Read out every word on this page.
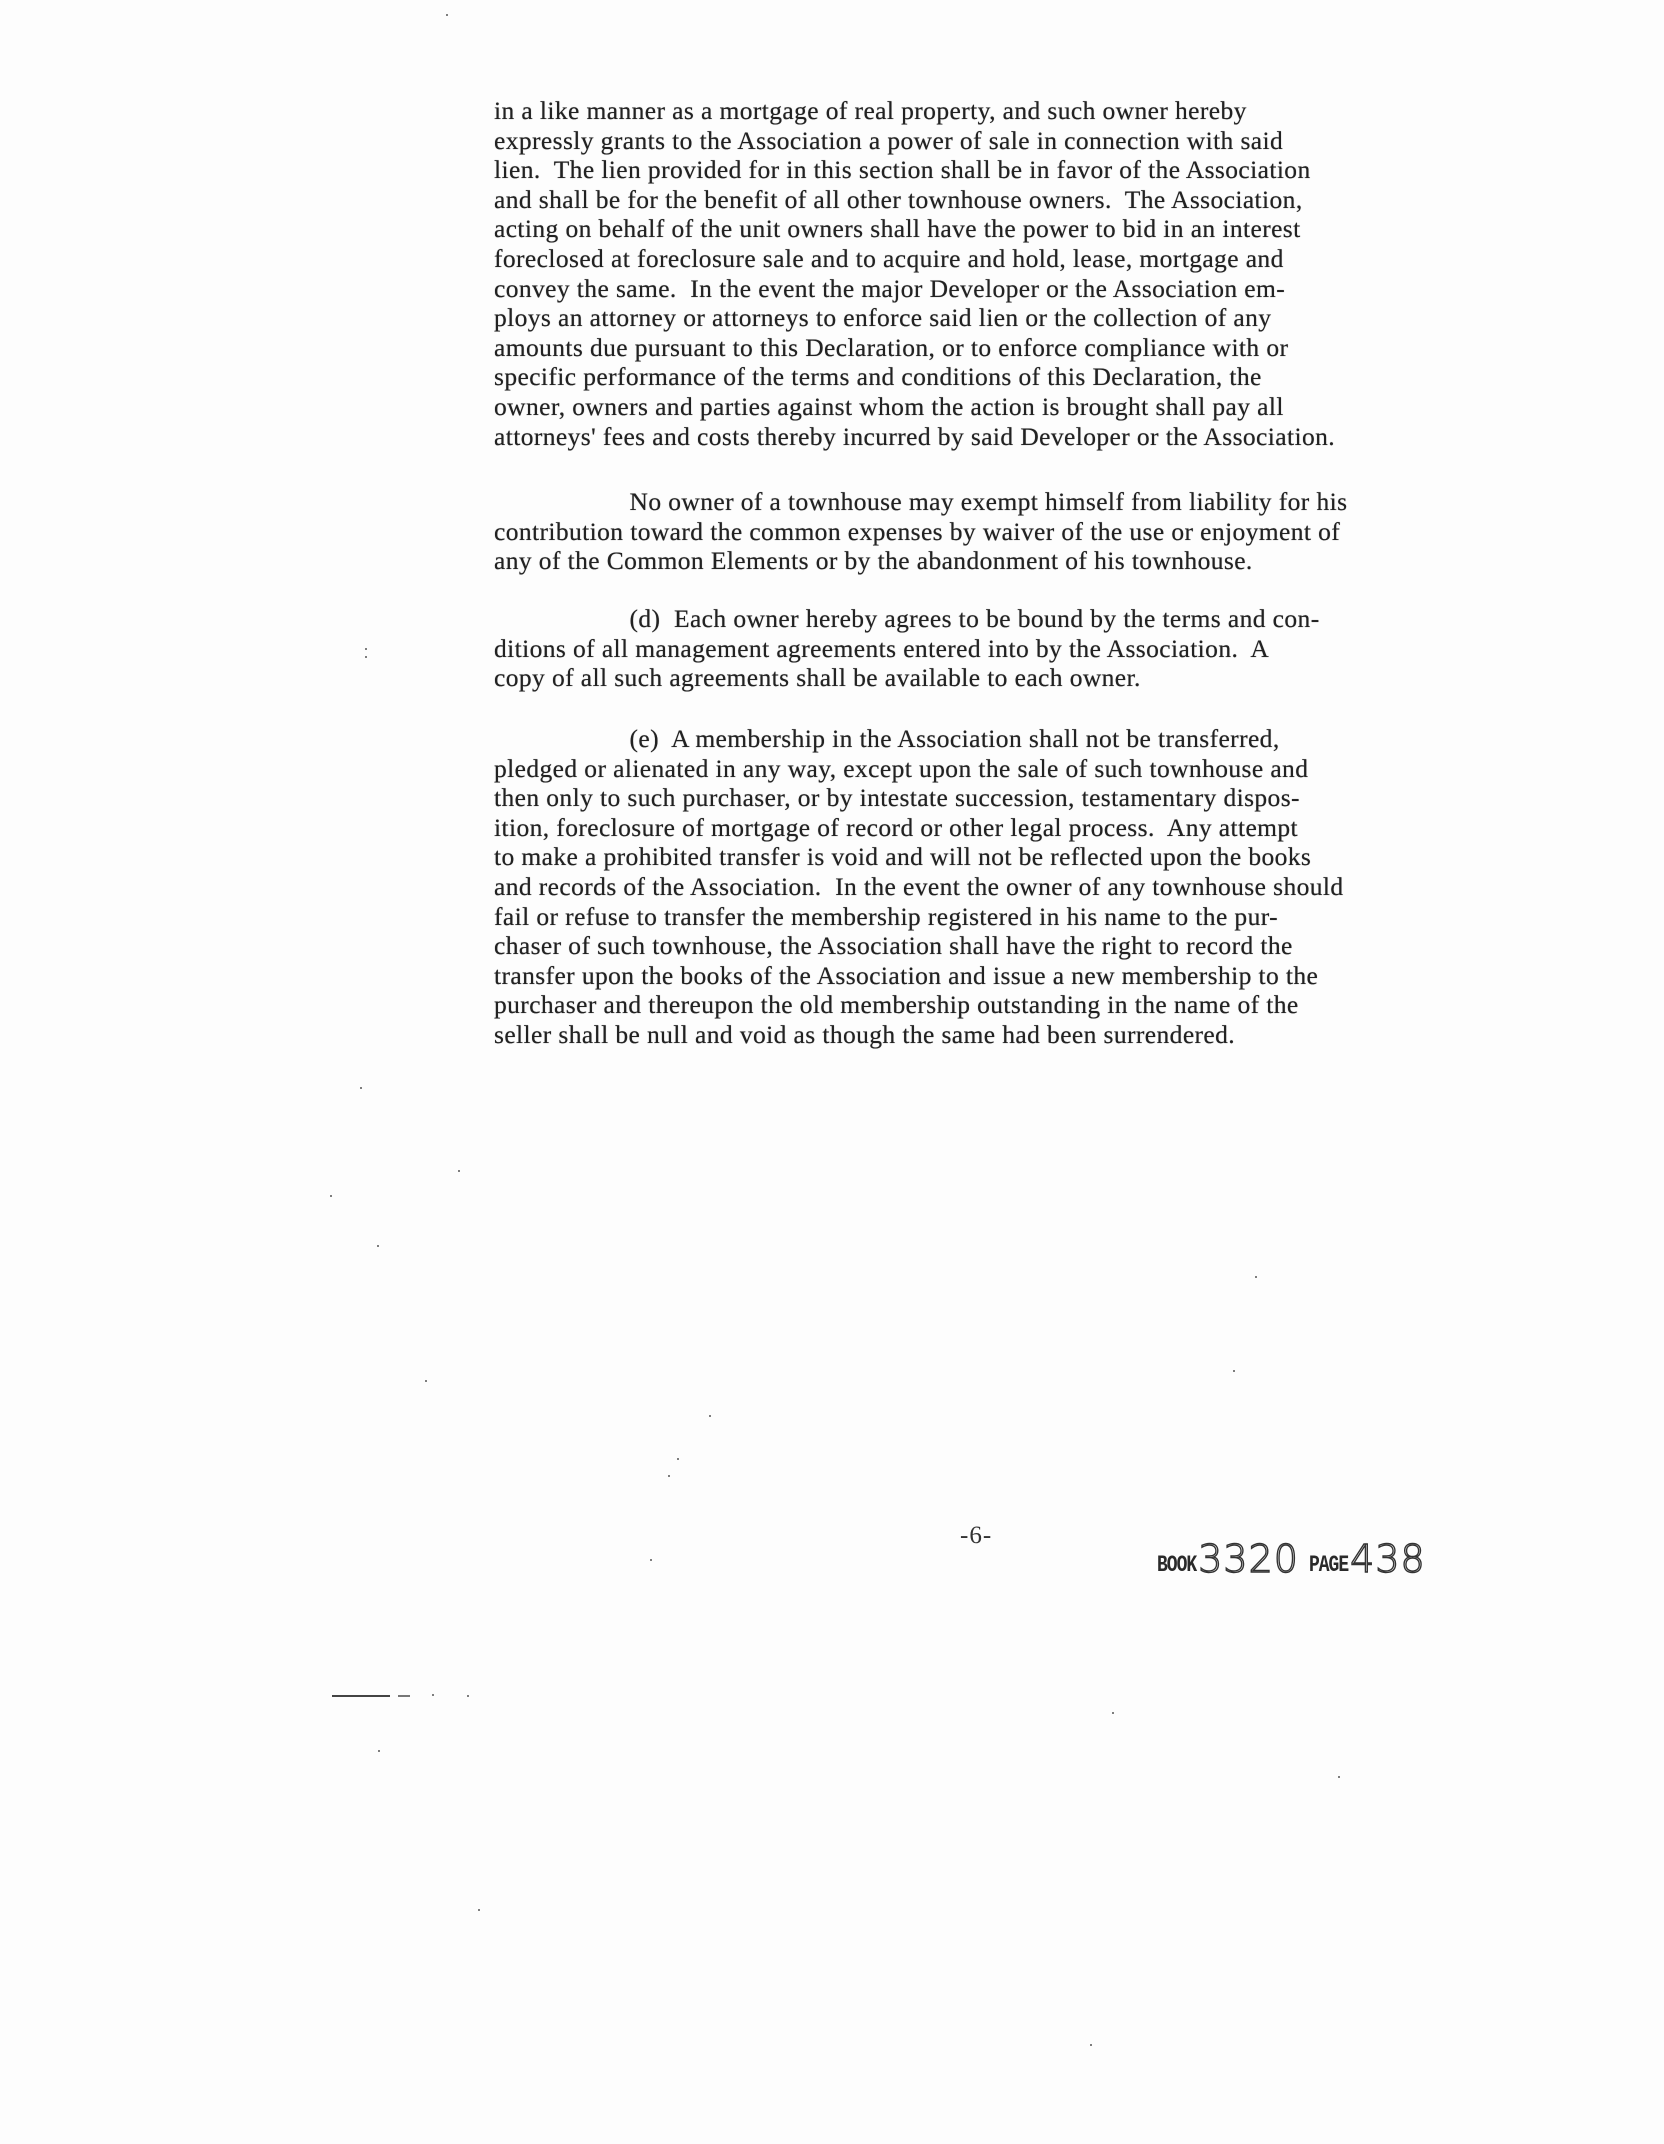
in a like manner as a mortgage of real property, and such owner hereby
expressly grants to the Association a power of sale in connection with said
lien.  The lien provided for in this section shall be in favor of the Association
and shall be for the benefit of all other townhouse owners.  The Association,
acting on behalf of the unit owners shall have the power to bid in an interest
foreclosed at foreclosure sale and to acquire and hold, lease, mortgage and
convey the same.  In the event the major Developer or the Association em-
ploys an attorney or attorneys to enforce said lien or the collection of any
amounts due pursuant to this Declaration, or to enforce compliance with or
specific performance of the terms and conditions of this Declaration, the
owner, owners and parties against whom the action is brought shall pay all
attorneys' fees and costs thereby incurred by said Developer or the Association.
No owner of a townhouse may exempt himself from liability for his
contribution toward the common expenses by waiver of the use or enjoyment of
any of the Common Elements or by the abandonment of his townhouse.
(d)  Each owner hereby agrees to be bound by the terms and con-
ditions of all management agreements entered into by the Association.  A
copy of all such agreements shall be available to each owner.
(e)  A membership in the Association shall not be transferred,
pledged or alienated in any way, except upon the sale of such townhouse and
then only to such purchaser, or by intestate succession, testamentary dispos-
ition, foreclosure of mortgage of record or other legal process.  Any attempt
to make a prohibited transfer is void and will not be reflected upon the books
and records of the Association.  In the event the owner of any townhouse should
fail or refuse to transfer the membership registered in his name to the pur-
chaser of such townhouse, the Association shall have the right to record the
transfer upon the books of the Association and issue a new membership to the
purchaser and thereupon the old membership outstanding in the name of the
seller shall be null and void as though the same had been surrendered.
-6-
BOOK 3320 PAGE 438
